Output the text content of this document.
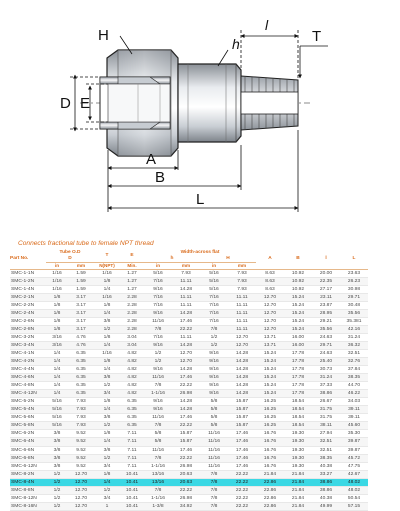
H	h
l
T
D E
A
B
L
Connects fractional tube to female NPT thread
Part No.	Tube O.D
D		T	E	Width-across flat
h H				A	B	l	L
	in	mm	N(NPT)	Min.	in	mm	in	mm				
SMC-1-1N	1/16	1.59	1/16	1.27	5/16	7.93	5/16	7.93	8.63	10.92	20.00	23.63
SMC-1-2N	1/16	1.59	1/8	1.27	7/16	11.11	5/16	7.93	8.63	10.92	22.35	26.23
SMC-1-4N	1/16	1.59	1/4	1.27	9/16	14.28	5/16	7.93	8.63	10.92	27.17	30.98
SMC-2-1N	1/8	3.17	1/16	2.28	7/16	11.11	7/16	11.11	12.70	15.24	23.11	29.71
SMC-2-2N	1/8	3.17	1/8	2.28	7/16	11.11	7/16	11.11	12.70	15.24	23.87	30.48
SMC-2-4N	1/8	3.17	1/4	2.28	9/16	14.28	7/16	11.11	12.70	15.24	28.95	35.56
SMC-2-6N	1/8	3.17	3/8	2.28	11/16	17.46	7/16	11.11	12.70	15.24	29.21	35.381
SMC-2-8N	1/8	3.17	1/2	2.28	7/8	22.22	7/8	11.11	12.70	15.24	35.56	42.16
SMC-3-2N	3/16	4.76	1/8	3.04	7/16	11.11	1/2	12.70	13.71	16.00	24.63	31.24
SMC-3-4N	3/16	4.76	1/4	3.04	9/16	14.28	1/2	12.70	13.71	16.00	29.71	36.32
SMC-4-1N	1/4	6.35	1/16	4.82	1/2	12.70	9/16	14.28	15.24	17.78	24.63	32.51
SMC-4-2N	1/4	6.35	1/8	4.82	1/2	12.70	9/16	14.28	15.24	17.78	25.40	32.76
SMC-4-4N	1/4	6.35	1/4	4.82	9/16	14.28	9/16	14.28	15.24	17.78	30.73	37.84
SMC-4-6N	1/4	6.35	3/8	4.82	11/16	17.46	9/16	14.28	15.24	17.78	31.24	38.35
SMC-4-8N	1/4	6.35	1/2	4.82	7/8	22.22	9/16	14.28	15.24	17.78	37.33	44.70
SMC-4-12N	1/4	6.35	3/4	4.82	1-1/16	26.98	9/16	14.28	15.24	17.78	38.86	46.22
SMC-5-2N	5/16	7.93	1/8	6.35	9/16	14.28	5/8	15.87	16.25	18.54	26.67	34.03
SMC-5-4N	5/16	7.93	1/4	6.35	9/16	14.28	5/8	15.87	16.25	18.54	31.75	39.11
SMC-5-6N	5/16	7.93	3/8	6.35	11/16	17.46	5/8	15.87	16.25	18.54	31.75	39.11
SMC-5-8N	5/16	7.93	1/2	6.35	7/8	22.22	5/8	15.87	16.25	18.54	38.11	45.60
SMC-6-2N	3/8	9.52	1/8	7.11	5/8	15.87	11/16	17.46	16.76	19.30	27.94	35.30
SMC-6-4N	3/8	9.52	1/4	7.11	5/8	15.87	11/16	17.46	16.76	19.30	32.51	39.87
SMC-6-6N	3/8	9.52	3/8	7.11	11/16	17.46	11/16	17.46	16.76	19.30	32.51	39.87
SMC-6-8N	3/8	9.52	1/2	7.11	7/8	22.22	11/16	17.46	16.76	19.30	38.35	45.72
SMC-6-12N	3/8	9.52	3/4	7.11	1-1/16	26.98	11/16	17.46	16.76	19.30	40.38	47.75
SMC-8-2N	1/2	12.70	1/8	10.41	13/16	20.63	7/8	22.22	21.84	21.84	33.27	42.67
SMC-8-4N	1/2	12.70	1/4	10.41	13/16	20.63	7/8	22.22	22.86	21.84	38.86	48.02
SMC-8-8N	1/2	12.70	1/2	10.41	7/8	22.22	7/8	22.22	22.86	21.84	38.86	48.02
SMC-8-12N	1/2	12.70	3/4	10.41	1-1/16	26.98	7/8	22.22	22.86	21.84	40.38	50.54
SMC-8-16N	1/2	12.70	1	10.41	1-3/8	34.92	7/8	22.22	22.86	21.84	49.99	57.15
